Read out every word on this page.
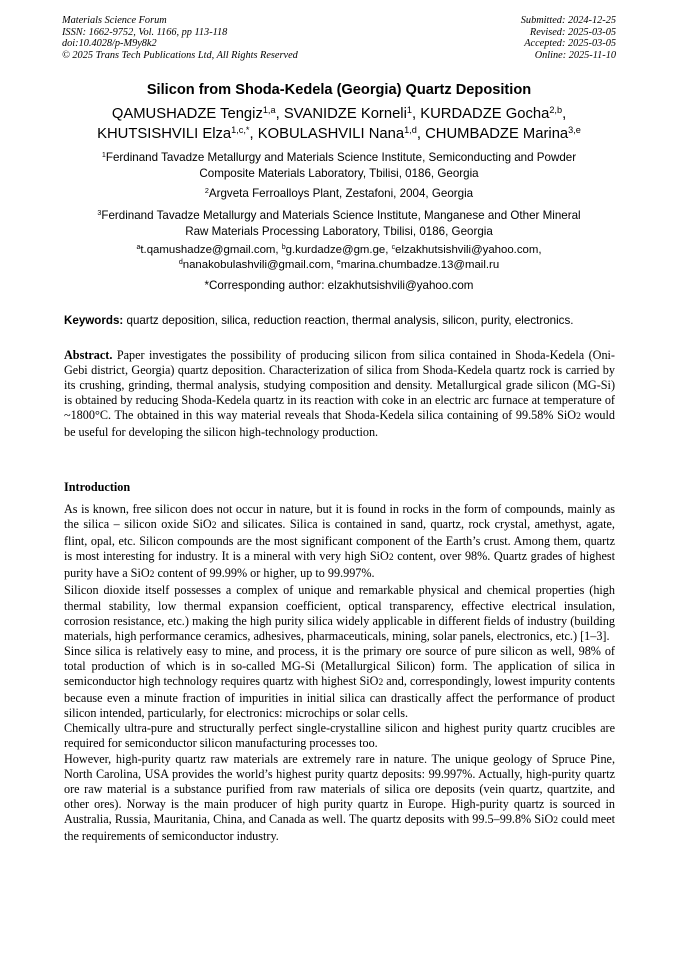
Materials Science Forum
ISSN: 1662-9752, Vol. 1166, pp 113-118
doi:10.4028/p-M9y8k2
© 2025 Trans Tech Publications Ltd, All Rights Reserved
Submitted: 2024-12-25
Revised: 2025-03-05
Accepted: 2025-03-05
Online: 2025-11-10
Silicon from Shoda-Kedela (Georgia) Quartz Deposition
QAMUSHADZE Tengiz$^{1,a}$, SVANIDZE Korneli$^1$, KURDADZE Gocha$^{2,b}$,
KHUTSISHVILI Elza$^{1,c,*}$, KOBULASHVILI Nana$^{1,d}$, CHUMBADZE Marina$^{3,e}$
$^1$Ferdinand Tavadze Metallurgy and Materials Science Institute, Semiconducting and Powder
Composite Materials Laboratory, Tbilisi, 0186, Georgia
$^2$Argveta Ferroalloys Plant, Zestafoni, 2004, Georgia
$^3$Ferdinand Tavadze Metallurgy and Materials Science Institute, Manganese and Other Mineral
Raw Materials Processing Laboratory, Tbilisi, 0186, Georgia
$^a$t.qamushadze@gmail.com, $^b$g.kurdadze@gm.ge, $^c$elzakhutsishvili@yahoo.com,
$^d$nanakobulashvili@gmail.com, $^e$marina.chumbadze.13@mail.ru
*Corresponding author: elzakhutsishvili@yahoo.com
Keywords: quartz deposition, silica, reduction reaction, thermal analysis, silicon, purity, electronics.
Abstract. Paper investigates the possibility of producing silicon from silica contained in Shoda-Kedela (Oni-Gebi district, Georgia) quartz deposition. Characterization of silica from Shoda-Kedela quartz rock is carried by its crushing, grinding, thermal analysis, studying composition and density. Metallurgical grade silicon (MG-Si) is obtained by reducing Shoda-Kedela quartz in its reaction with coke in an electric arc furnace at temperature of ~1800°C. The obtained in this way material reveals that Shoda-Kedela silica containing of 99.58% SiO2 would be useful for developing the silicon high-technology production.
Introduction

As is known, free silicon does not occur in nature, but it is found in rocks in the form of compounds, mainly as the silica – silicon oxide SiO2 and silicates. Silica is contained in sand, quartz, rock crystal, amethyst, agate, flint, opal, etc. Silicon compounds are the most significant component of the Earth’s crust. Among them, quartz is most interesting for industry. It is a mineral with very high SiO2 content, over 98%. Quartz grades of highest purity have a SiO2 content of 99.99% or higher, up to 99.997%.

Silicon dioxide itself possesses a complex of unique and remarkable physical and chemical properties (high thermal stability, low thermal expansion coefficient, optical transparency, effective electrical insulation, corrosion resistance, etc.) making the high purity silica widely applicable in different fields of industry (building materials, high performance ceramics, adhesives, pharmaceuticals, mining, solar panels, electronics, etc.) [1–3].

Since silica is relatively easy to mine, and process, it is the primary ore source of pure silicon as well, 98% of total production of which is in so-called MG-Si (Metallurgical Silicon) form. The application of silica in semiconductor high technology requires quartz with highest SiO2 and, correspondingly, lowest impurity contents because even a minute fraction of impurities in initial silica can drastically affect the performance of product silicon intended, particularly, for electronics: microchips or solar cells.

Chemically ultra-pure and structurally perfect single-crystalline silicon and highest purity quartz crucibles are required for semiconductor silicon manufacturing processes too.

However, high-purity quartz raw materials are extremely rare in nature. The unique geology of Spruce Pine, North Carolina, USA provides the world’s highest purity quartz deposits: 99.997%. Actually, high-purity quartz ore raw material is a substance purified from raw materials of silica ore deposits (vein quartz, quartzite, and other ores). Norway is the main producer of high purity quartz in Europe. High-purity quartz is sourced in Australia, Russia, Mauritania, China, and Canada as well. The quartz deposits with 99.5–99.8% SiO2 could meet the requirements of semiconductor industry.
